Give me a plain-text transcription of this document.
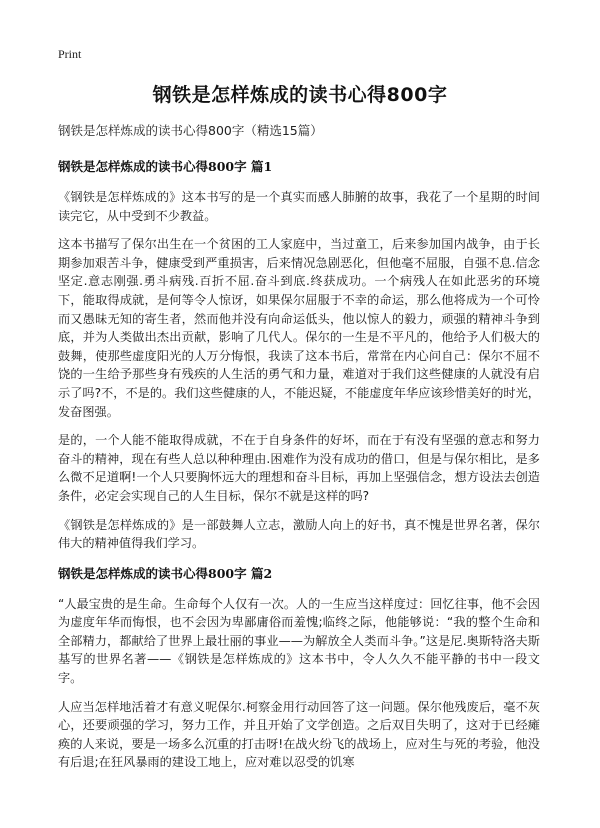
Print
钢铁是怎样炼成的读书心得800字

钢铁是怎样炼成的读书心得800字（精选15篇）

钢铁是怎样炼成的读书心得800字 篇1

《钢铁是怎样炼成的》这本书写的是一个真实而感人肺腑的故事，我花了一个星期的时间读完它，从中受到不少教益。

这本书描写了保尔出生在一个贫困的工人家庭中，当过童工，后来参加国内战争，由于长期参加艰苦斗争，健康受到严重损害，后来情况急剧恶化，但他毫不屈服，自强不息.信念坚定.意志刚强.勇斗病残.百折不屈.奋斗到底.终获成功。一个病残人在如此恶劣的环境下，能取得成就，是何等令人惊讶，如果保尔屈服于不幸的命运，那么他将成为一个可怜而又愚昧无知的寄生者，然而他并没有向命运低头，他以惊人的毅力，顽强的精神斗争到底，并为人类做出杰出贡献，影响了几代人。保尔的一生是不平凡的，他给予人们极大的鼓舞，使那些虚度阳光的人万分悔恨，我读了这本书后，常常在内心问自己：保尔不屈不饶的一生给予那些身有残疾的人生活的勇气和力量，难道对于我们这些健康的人就没有启示了吗?不，不是的。我们这些健康的人，不能迟疑，不能虚度年华应该珍惜美好的时光，发奋图强。

是的，一个人能不能取得成就，不在于自身条件的好坏，而在于有没有坚强的意志和努力奋斗的精神，现在有些人总以种种理由.困难作为没有成功的借口，但是与保尔相比，是多么微不足道啊!一个人只要胸怀远大的理想和奋斗目标，再加上坚强信念，想方设法去创造条件，必定会实现自己的人生目标，保尔不就是这样的吗?

《钢铁是怎样炼成的》是一部鼓舞人立志，激励人向上的好书，真不愧是世界名著，保尔伟大的精神值得我们学习。

钢铁是怎样炼成的读书心得800字 篇2

“人最宝贵的是生命。生命每个人仅有一次。人的一生应当这样度过：回忆往事，他不会因为虚度年华而悔恨，也不会因为卑鄙庸俗而羞愧;临终之际，他能够说：“我的整个生命和全部精力，都献给了世界上最壮丽的事业——为解放全人类而斗争。”这是尼.奥斯特洛夫斯基写的世界名著——《钢铁是怎样炼成的》这本书中，令人久久不能平静的书中一段文字。

人应当怎样地活着才有意义呢保尔.柯察金用行动回答了这一问题。保尔他残废后，毫不灰心，还要顽强的学习，努力工作，并且开始了文学创造。之后双目失明了，这对于已经瘫痪的人来说，要是一场多么沉重的打击呀!在战火纷飞的战场上，应对生与死的考验，他没有后退;在狂风暴雨的建设工地上，应对难以忍受的饥寒
